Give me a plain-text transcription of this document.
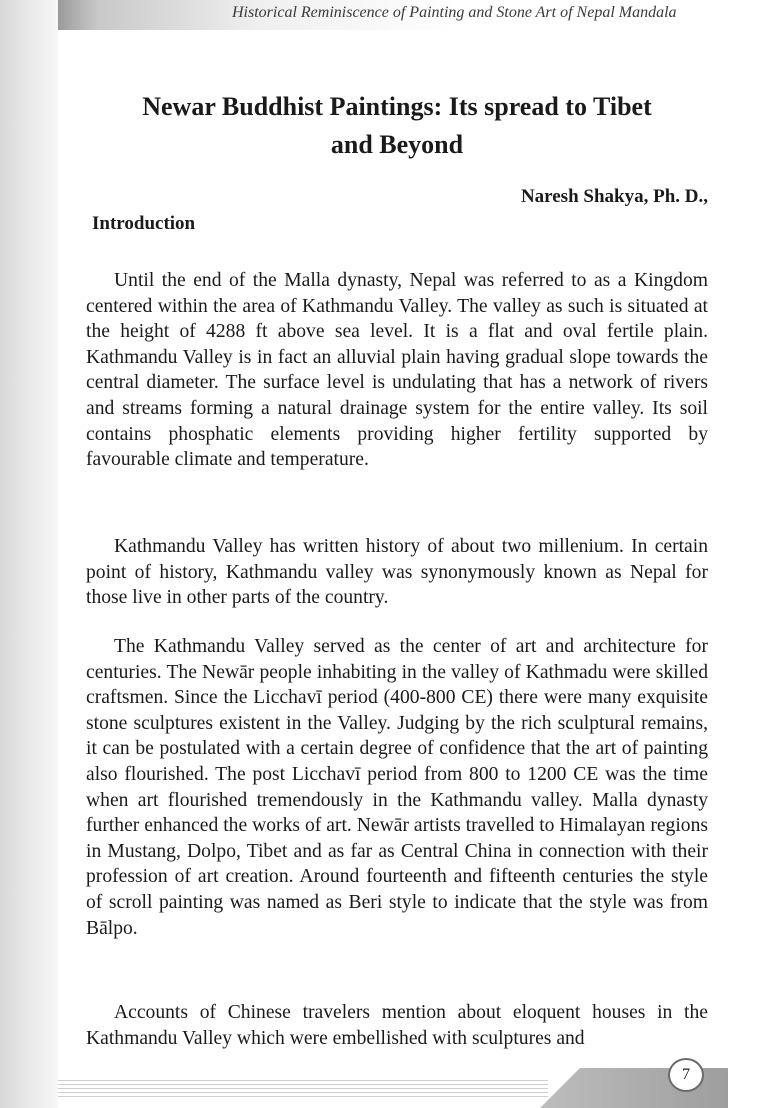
Historical Reminiscence of Painting and Stone Art of Nepal Mandala
Newar Buddhist Paintings: Its spread to Tibet
and Beyond
Naresh Shakya, Ph. D.,
Introduction

Until the end of the Malla dynasty, Nepal was referred to as a Kingdom centered within the area of Kathmandu Valley. The valley as such is situated at the height of 4288 ft above sea level. It is a flat and oval fertile plain. Kathmandu Valley is in fact an alluvial plain having gradual slope towards the central diameter. The surface level is undulating that has a network of rivers and streams forming a natural drainage system for the entire valley. Its soil contains phosphatic elements providing higher fertility supported by favourable climate and temperature.

Kathmandu Valley has written history of about two millenium. In certain point of history, Kathmandu valley was synonymously known as Nepal for those live in other parts of the country.

The Kathmandu Valley served as the center of art and architecture for centuries. The Newār people inhabiting in the valley of Kathmadu were skilled craftsmen. Since the Licchavī period (400-800 CE) there were many exquisite stone sculptures existent in the Valley. Judging by the rich sculptural remains, it can be postulated with a certain degree of confidence that the art of painting also flourished. The post Licchavī period from 800 to 1200 CE was the time when art flourished tremendously in the Kathmandu valley. Malla dynasty further enhanced the works of art. Newār artists travelled to Himalayan regions in Mustang, Dolpo, Tibet and as far as Central China in connection with their profession of art creation. Around fourteenth and fifteenth centuries the style of scroll painting was named as Beri style to indicate that the style was from Bālpo.

Accounts of Chinese travelers mention about eloquent houses in the Kathmandu Valley which were embellished with sculptures and

7
